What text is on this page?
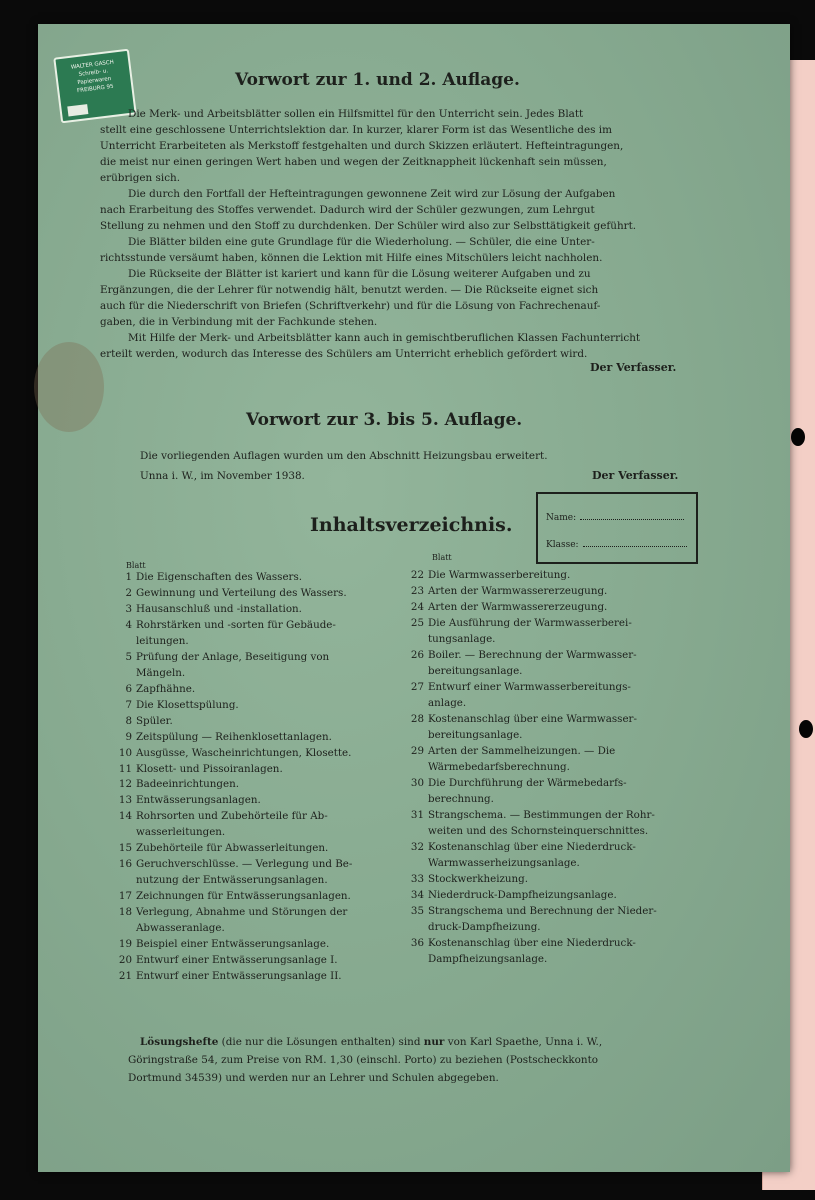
WALTER GASCH
Schreib- u.
Papierwaren
FREIBURG 95	Vorwort zur 1. und 2. Auflage.
Die Merk- und Arbeitsblätter sollen ein Hilfsmittel für den Unterricht sein. Jedes Blatt
stellt eine geschlossene Unterrichtslektion dar. In kurzer, klarer Form ist das Wesentliche des im
Unterricht Erarbeiteten als Merkstoff festgehalten und durch Skizzen erläutert. Hefteintragungen,
die meist nur einen geringen Wert haben und wegen der Zeitknappheit lückenhaft sein müssen,
erübrigen sich.
Die durch den Fortfall der Hefteintragungen gewonnene Zeit wird zur Lösung der Aufgaben
nach Erarbeitung des Stoffes verwendet. Dadurch wird der Schüler gezwungen, zum Lehrgut
Stellung zu nehmen und den Stoff zu durchdenken. Der Schüler wird also zur Selbsttätigkeit geführt.
Die Blätter bilden eine gute Grundlage für die Wiederholung. — Schüler, die eine Unter-
richtsstunde versäumt haben, können die Lektion mit Hilfe eines Mitschülers leicht nachholen.
Die Rückseite der Blätter ist kariert und kann für die Lösung weiterer Aufgaben und zu
Ergänzungen, die der Lehrer für notwendig hält, benutzt werden. — Die Rückseite eignet sich
auch für die Niederschrift von Briefen (Schriftverkehr) und für die Lösung von Fachrechenauf-
gaben, die in Verbindung mit der Fachkunde stehen.
Mit Hilfe der Merk- und Arbeitsblätter kann auch in gemischtberuflichen Klassen Fachunterricht
erteilt werden, wodurch das Interesse des Schülers am Unterricht erheblich gefördert wird.
Der Verfasser.
Vorwort zur 3. bis 5. Auflage.
Die vorliegenden Auflagen wurden um den Abschnitt Heizungsbau erweitert.
Unna i. W., im November 1938.	Der Verfasser.
Name:
Klasse:
Inhaltsverzeichnis.
Blatt
Blatt
1 Die Eigenschaften des Wassers.
2 Gewinnung und Verteilung des Wassers.
3 Hausanschluß und -installation.
4 Rohrstärken und -sorten für Gebäude-
leitungen.
5 Prüfung der Anlage, Beseitigung von
Mängeln.
6 Zapfhähne.
7 Die Klosettspülung.
8 Spüler.
9 Zeitspülung — Reihenklosettanlagen.
10 Ausgüsse, Wascheinrichtungen, Klosette.
11 Klosett- und Pissoiranlagen.
12 Badeeinrichtungen.
13 Entwässerungsanlagen.
14 Rohrsorten und Zubehörteile für Ab-
wasserleitungen.
15 Zubehörteile für Abwasserleitungen.
16 Geruchverschlüsse. — Verlegung und Be-
nutzung der Entwässerungsanlagen.
17 Zeichnungen für Entwässerungsanlagen.
18 Verlegung, Abnahme und Störungen der
Abwasseranlage.
19 Beispiel einer Entwässerungsanlage.
20 Entwurf einer Entwässerungsanlage I.
21 Entwurf einer Entwässerungsanlage II.
22 Die Warmwasserbereitung.
23 Arten der Warmwassererzeugung.
24 Arten der Warmwassererzeugung.
25 Die Ausführung der Warmwasserberei-
tungsanlage.
26 Boiler. — Berechnung der Warmwasser-
bereitungsanlage.
27 Entwurf einer Warmwasserbereitungs-
anlage.
28 Kostenanschlag über eine Warmwasser-
bereitungsanlage.
29 Arten der Sammelheizungen. — Die
Wärmebedarfsberechnung.
30 Die Durchführung der Wärmebedarfs-
berechnung.
31 Strangschema. — Bestimmungen der Rohr-
weiten und des Schornsteinquerschnittes.
32 Kostenanschlag über eine Niederdruck-
Warmwasserheizungsanlage.
33 Stockwerkheizung.
34 Niederdruck-Dampfheizungsanlage.
35 Strangschema und Berechnung der Nieder-
druck-Dampfheizung.
36 Kostenanschlag über eine Niederdruck-
Dampfheizungsanlage.
Lösungshefte (die nur die Lösungen enthalten) sind nur von Karl Spaethe, Unna i. W.,
Göringstraße 54, zum Preise von RM. 1,30 (einschl. Porto) zu beziehen (Postscheckkonto
Dortmund 34539) und werden nur an Lehrer und Schulen abgegeben.
